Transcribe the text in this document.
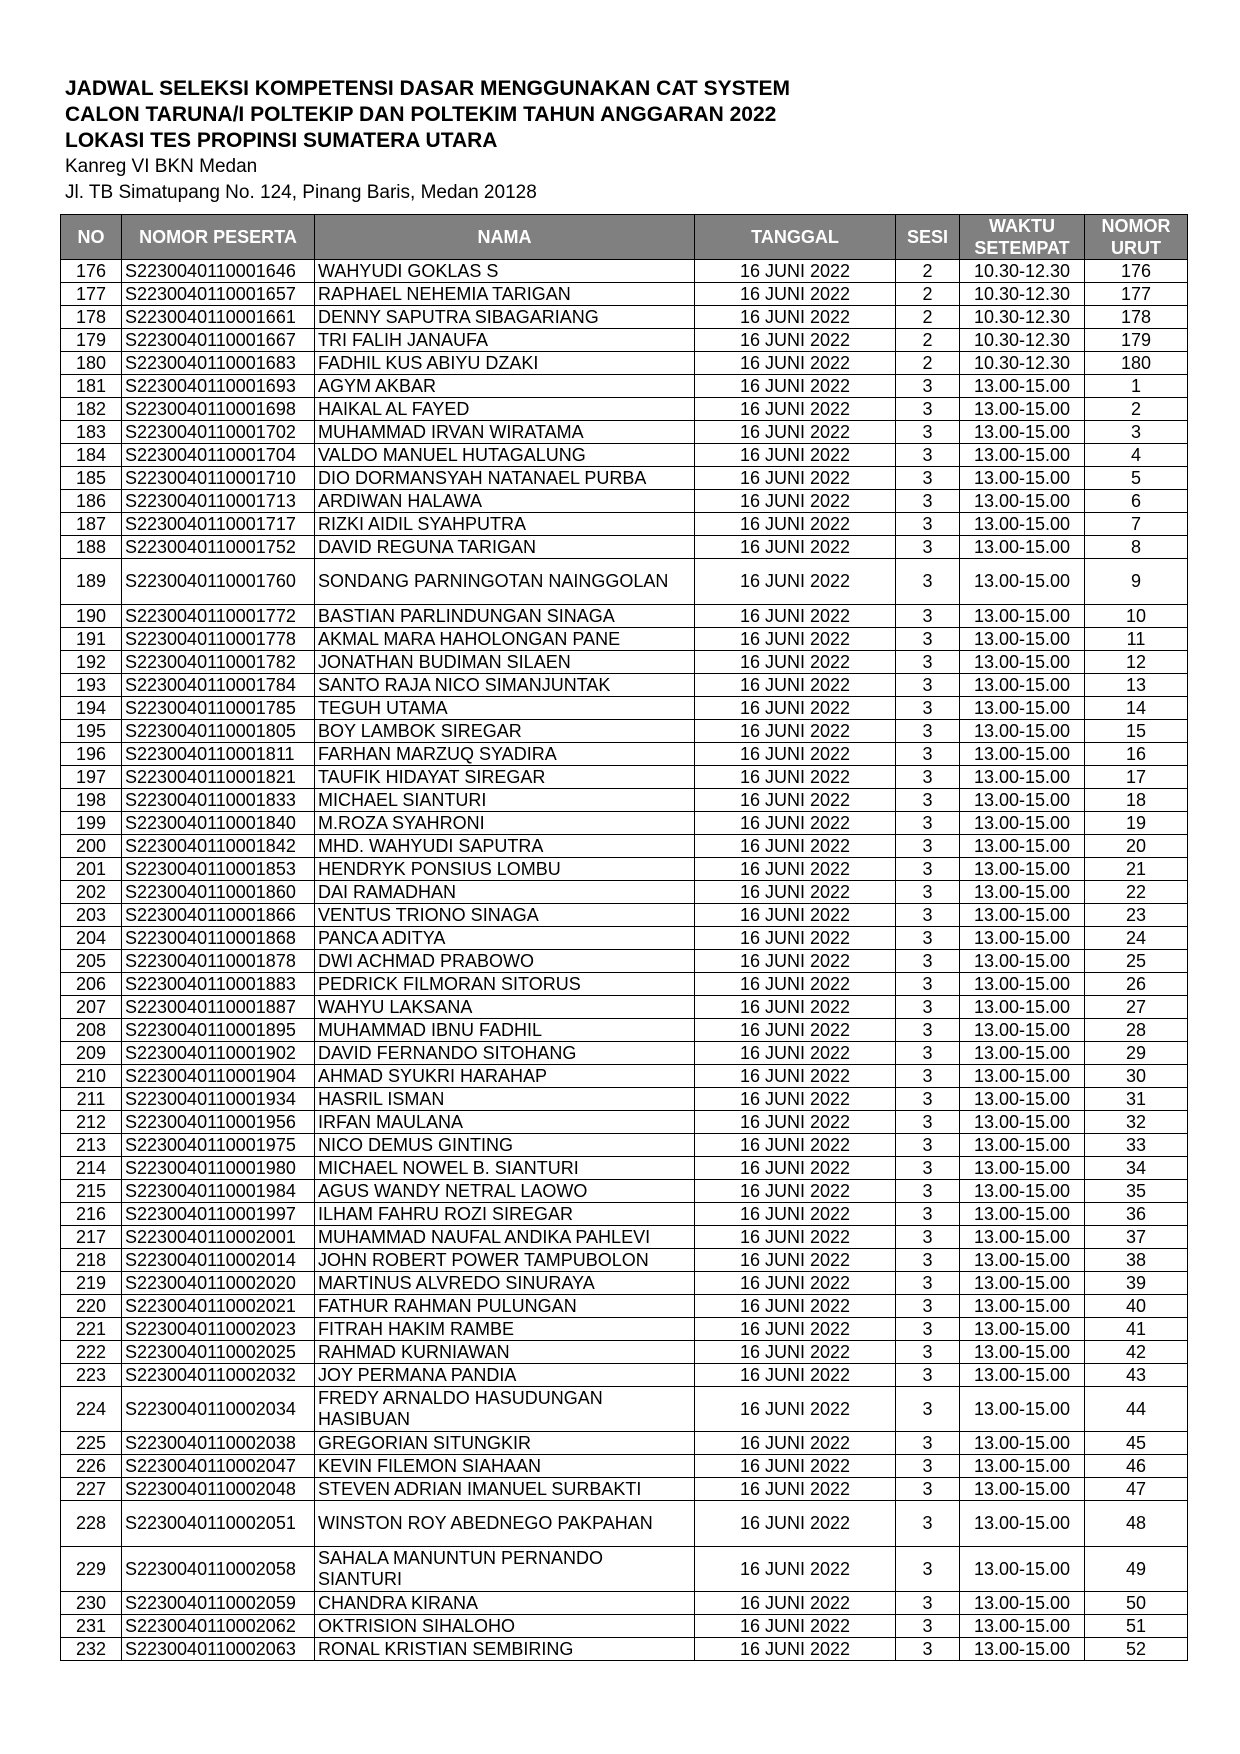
JADWAL SELEKSI KOMPETENSI DASAR MENGGUNAKAN CAT SYSTEM
CALON TARUNA/I POLTEKIP DAN POLTEKIM TAHUN ANGGARAN 2022
LOKASI TES PROPINSI SUMATERA UTARA
Kanreg VI BKN Medan
Jl. TB Simatupang No. 124, Pinang Baris, Medan 20128
NO	NOMOR PESERTA	NAMA	TANGGAL	SESI	WAKTU SETEMPAT	NOMOR URUT
176	S2230040110001646	WAHYUDI GOKLAS S	16 JUNI 2022	2	10.30-12.30	176
177	S2230040110001657	RAPHAEL NEHEMIA TARIGAN	16 JUNI 2022	2	10.30-12.30	177
178	S2230040110001661	DENNY SAPUTRA SIBAGARIANG	16 JUNI 2022	2	10.30-12.30	178
179	S2230040110001667	TRI FALIH JANAUFA	16 JUNI 2022	2	10.30-12.30	179
180	S2230040110001683	FADHIL KUS ABIYU DZAKI	16 JUNI 2022	2	10.30-12.30	180
181	S2230040110001693	AGYM AKBAR	16 JUNI 2022	3	13.00-15.00	1
182	S2230040110001698	HAIKAL AL FAYED	16 JUNI 2022	3	13.00-15.00	2
183	S2230040110001702	MUHAMMAD IRVAN WIRATAMA	16 JUNI 2022	3	13.00-15.00	3
184	S2230040110001704	VALDO MANUEL HUTAGALUNG	16 JUNI 2022	3	13.00-15.00	4
185	S2230040110001710	DIO DORMANSYAH NATANAEL PURBA	16 JUNI 2022	3	13.00-15.00	5
186	S2230040110001713	ARDIWAN HALAWA	16 JUNI 2022	3	13.00-15.00	6
187	S2230040110001717	RIZKI AIDIL SYAHPUTRA	16 JUNI 2022	3	13.00-15.00	7
188	S2230040110001752	DAVID REGUNA TARIGAN	16 JUNI 2022	3	13.00-15.00	8
189	S2230040110001760	SONDANG PARNINGOTAN NAINGGOLAN	16 JUNI 2022	3	13.00-15.00	9
190	S2230040110001772	BASTIAN PARLINDUNGAN SINAGA	16 JUNI 2022	3	13.00-15.00	10
191	S2230040110001778	AKMAL MARA HAHOLONGAN PANE	16 JUNI 2022	3	13.00-15.00	11
192	S2230040110001782	JONATHAN BUDIMAN SILAEN	16 JUNI 2022	3	13.00-15.00	12
193	S2230040110001784	SANTO RAJA NICO SIMANJUNTAK	16 JUNI 2022	3	13.00-15.00	13
194	S2230040110001785	TEGUH UTAMA	16 JUNI 2022	3	13.00-15.00	14
195	S2230040110001805	BOY LAMBOK SIREGAR	16 JUNI 2022	3	13.00-15.00	15
196	S2230040110001811	FARHAN MARZUQ SYADIRA	16 JUNI 2022	3	13.00-15.00	16
197	S2230040110001821	TAUFIK HIDAYAT SIREGAR	16 JUNI 2022	3	13.00-15.00	17
198	S2230040110001833	MICHAEL SIANTURI	16 JUNI 2022	3	13.00-15.00	18
199	S2230040110001840	M.ROZA SYAHRONI	16 JUNI 2022	3	13.00-15.00	19
200	S2230040110001842	MHD. WAHYUDI SAPUTRA	16 JUNI 2022	3	13.00-15.00	20
201	S2230040110001853	HENDRYK PONSIUS LOMBU	16 JUNI 2022	3	13.00-15.00	21
202	S2230040110001860	DAI RAMADHAN	16 JUNI 2022	3	13.00-15.00	22
203	S2230040110001866	VENTUS TRIONO SINAGA	16 JUNI 2022	3	13.00-15.00	23
204	S2230040110001868	PANCA ADITYA	16 JUNI 2022	3	13.00-15.00	24
205	S2230040110001878	DWI ACHMAD PRABOWO	16 JUNI 2022	3	13.00-15.00	25
206	S2230040110001883	PEDRICK FILMORAN SITORUS	16 JUNI 2022	3	13.00-15.00	26
207	S2230040110001887	WAHYU LAKSANA	16 JUNI 2022	3	13.00-15.00	27
208	S2230040110001895	MUHAMMAD IBNU FADHIL	16 JUNI 2022	3	13.00-15.00	28
209	S2230040110001902	DAVID FERNANDO SITOHANG	16 JUNI 2022	3	13.00-15.00	29
210	S2230040110001904	AHMAD SYUKRI HARAHAP	16 JUNI 2022	3	13.00-15.00	30
211	S2230040110001934	HASRIL ISMAN	16 JUNI 2022	3	13.00-15.00	31
212	S2230040110001956	IRFAN MAULANA	16 JUNI 2022	3	13.00-15.00	32
213	S2230040110001975	NICO DEMUS GINTING	16 JUNI 2022	3	13.00-15.00	33
214	S2230040110001980	MICHAEL NOWEL B. SIANTURI	16 JUNI 2022	3	13.00-15.00	34
215	S2230040110001984	AGUS WANDY NETRAL LAOWO	16 JUNI 2022	3	13.00-15.00	35
216	S2230040110001997	ILHAM FAHRU ROZI SIREGAR	16 JUNI 2022	3	13.00-15.00	36
217	S2230040110002001	MUHAMMAD NAUFAL ANDIKA PAHLEVI	16 JUNI 2022	3	13.00-15.00	37
218	S2230040110002014	JOHN ROBERT POWER TAMPUBOLON	16 JUNI 2022	3	13.00-15.00	38
219	S2230040110002020	MARTINUS ALVREDO SINURAYA	16 JUNI 2022	3	13.00-15.00	39
220	S2230040110002021	FATHUR RAHMAN PULUNGAN	16 JUNI 2022	3	13.00-15.00	40
221	S2230040110002023	FITRAH HAKIM RAMBE	16 JUNI 2022	3	13.00-15.00	41
222	S2230040110002025	RAHMAD KURNIAWAN	16 JUNI 2022	3	13.00-15.00	42
223	S2230040110002032	JOY PERMANA PANDIA	16 JUNI 2022	3	13.00-15.00	43
224	S2230040110002034	FREDY ARNALDO HASUDUNGAN HASIBUAN	16 JUNI 2022	3	13.00-15.00	44
225	S2230040110002038	GREGORIAN SITUNGKIR	16 JUNI 2022	3	13.00-15.00	45
226	S2230040110002047	KEVIN FILEMON SIAHAAN	16 JUNI 2022	3	13.00-15.00	46
227	S2230040110002048	STEVEN ADRIAN IMANUEL SURBAKTI	16 JUNI 2022	3	13.00-15.00	47
228	S2230040110002051	WINSTON ROY ABEDNEGO PAKPAHAN	16 JUNI 2022	3	13.00-15.00	48
229	S2230040110002058	SAHALA MANUNTUN PERNANDO SIANTURI	16 JUNI 2022	3	13.00-15.00	49
230	S2230040110002059	CHANDRA KIRANA	16 JUNI 2022	3	13.00-15.00	50
231	S2230040110002062	OKTRISION SIHALOHO	16 JUNI 2022	3	13.00-15.00	51
232	S2230040110002063	RONAL KRISTIAN SEMBIRING	16 JUNI 2022	3	13.00-15.00	52
